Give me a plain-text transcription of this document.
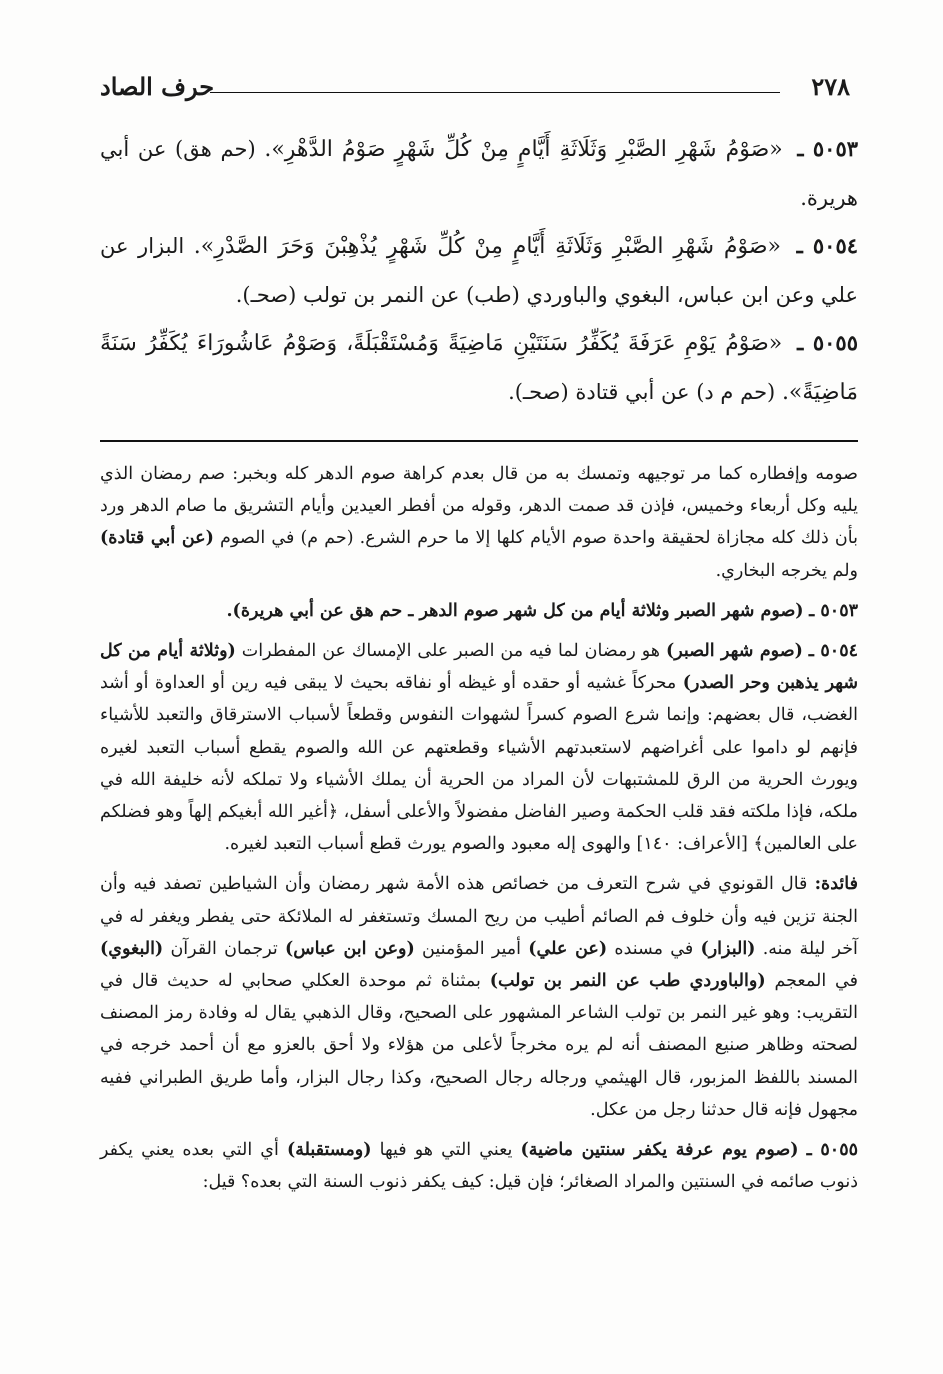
٢٧٨
حرف الصاد

٥٠٥٣ ـ «صَوْمُ شَهْرِ الصَّبْرِ وَثَلَاثَةِ أَيَّامٍ مِنْ كُلِّ شَهْرٍ صَوْمُ الدَّهْرِ». (حم هق) عن أبي هريرة.

٥٠٥٤ ـ «صَوْمُ شَهْرِ الصَّبْرِ وَثَلَاثَةِ أَيَّامٍ مِنْ كُلِّ شَهْرٍ يُذْهِبْنَ وَحَرَ الصَّدْرِ». البزار عن علي وعن ابن عباس، البغوي والباوردي (طب) عن النمر بن تولب (صحـ).

٥٠٥٥ ـ «صَوْمُ يَوْمِ عَرَفَةَ يُكَفِّرُ سَنَتَيْنِ مَاضِيَةً وَمُسْتَقْبَلَةً، وَصَوْمُ عَاشُورَاءَ يُكَفِّرُ سَنَةً مَاضِيَةً». (حم م د) عن أبي قتادة (صحـ).

صومه وإفطاره كما مر توجيهه وتمسك به من قال بعدم كراهة صوم الدهر كله وبخبر: صم رمضان الذي يليه وكل أربعاء وخميس، فإذن قد صمت الدهر، وقوله من أفطر العيدين وأيام التشريق ما صام الدهر ورد بأن ذلك كله مجازاة لحقيقة واحدة صوم الأيام كلها إلا ما حرم الشرع. (حم م) في الصوم (عن أبي قتادة) ولم يخرجه البخاري.

٥٠٥٣ ـ (صوم شهر الصبر وثلاثة أيام من كل شهر صوم الدهر ـ حم هق عن أبي هريرة).

٥٠٥٤ ـ (صوم شهر الصبر) هو رمضان لما فيه من الصبر على الإمساك عن المفطرات (وثلاثة أيام من كل شهر يذهبن وحر الصدر) محركاً غشيه أو حقده أو غيظه أو نفاقه بحيث لا يبقى فيه رين أو العداوة أو أشد الغضب، قال بعضهم: وإنما شرع الصوم كسراً لشهوات النفوس وقطعاً لأسباب الاسترقاق والتعبد للأشياء فإنهم لو داموا على أغراضهم لاستعبدتهم الأشياء وقطعتهم عن الله والصوم يقطع أسباب التعبد لغيره ويورث الحرية من الرق للمشتبهات لأن المراد من الحرية أن يملك الأشياء ولا تملكه لأنه خليفة الله في ملكه، فإذا ملكته فقد قلب الحكمة وصير الفاضل مفضولاً والأعلى أسفل، ﴿أغير الله أبغيكم إلهاً وهو فضلكم على العالمين﴾ [الأعراف: ١٤٠] والهوى إله معبود والصوم يورث قطع أسباب التعبد لغيره.

فائدة: قال القونوي في شرح التعرف من خصائص هذه الأمة شهر رمضان وأن الشياطين تصفد فيه وأن الجنة تزين فيه وأن خلوف فم الصائم أطيب من ريح المسك وتستغفر له الملائكة حتى يفطر ويغفر له في آخر ليلة منه. (البزار) في مسنده (عن علي) أمير المؤمنين (وعن ابن عباس) ترجمان القرآن (البغوي) في المعجم (والباوردي طب عن النمر بن تولب) بمثناة ثم موحدة العكلي صحابي له حديث قال في التقريب: وهو غير النمر بن تولب الشاعر المشهور على الصحيح، وقال الذهبي يقال له وفادة رمز المصنف لصحته وظاهر صنيع المصنف أنه لم يره مخرجاً لأعلى من هؤلاء ولا أحق بالعزو مع أن أحمد خرجه في المسند باللفظ المزبور، قال الهيثمي ورجاله رجال الصحيح، وكذا رجال البزار، وأما طريق الطبراني ففيه مجهول فإنه قال حدثنا رجل من عكل.

٥٠٥٥ ـ (صوم يوم عرفة يكفر سنتين ماضية) يعني التي هو فيها (ومستقبلة) أي التي بعده يعني يكفر ذنوب صائمه في السنتين والمراد الصغائر؛ فإن قيل: كيف يكفر ذنوب السنة التي بعده؟ قيل:
